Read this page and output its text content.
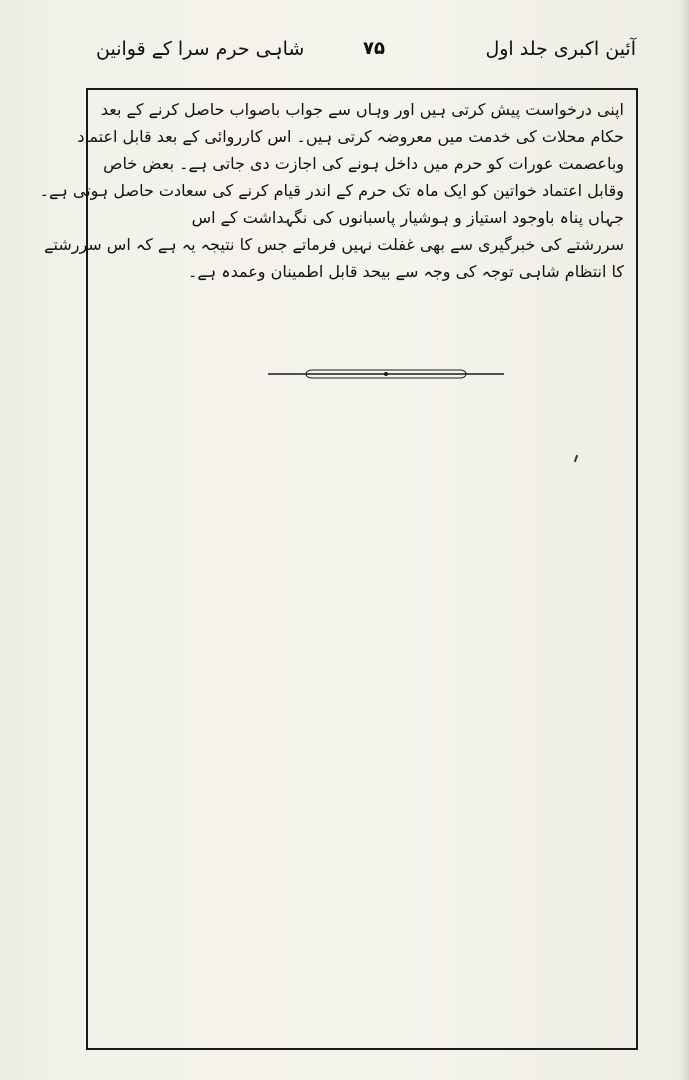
آئین اکبری جلد اول
۷۵
شاہی حرم سرا کے قوانین
اپنی درخواست پیش کرتی ہیں اور وہاں سے جواب باصواب حاصل کرنے کے بعد
حکام محلات کی خدمت میں معروضہ کرتی ہیں۔ اس کارروائی کے بعد قابل اعتماد
وباعصمت عورات کو حرم میں داخل ہونے کی اجازت دی جاتی ہے۔ بعض خاص
وقابل اعتماد خواتین کو ایک ماہ تک حرم کے اندر قیام کرنے کی سعادت حاصل ہوتی ہے۔
جہاں پناہ باوجود استیاز و ہوشیار پاسبانوں کی نگہداشت کے اس
سررشتے کی خبرگیری سے بھی غفلت نہیں فرماتے جس کا نتیجہ یہ ہے کہ اس سررشتے
کا انتظام شاہی توجہ کی وجہ سے بیحد قابل اطمینان وعمدہ ہے۔
